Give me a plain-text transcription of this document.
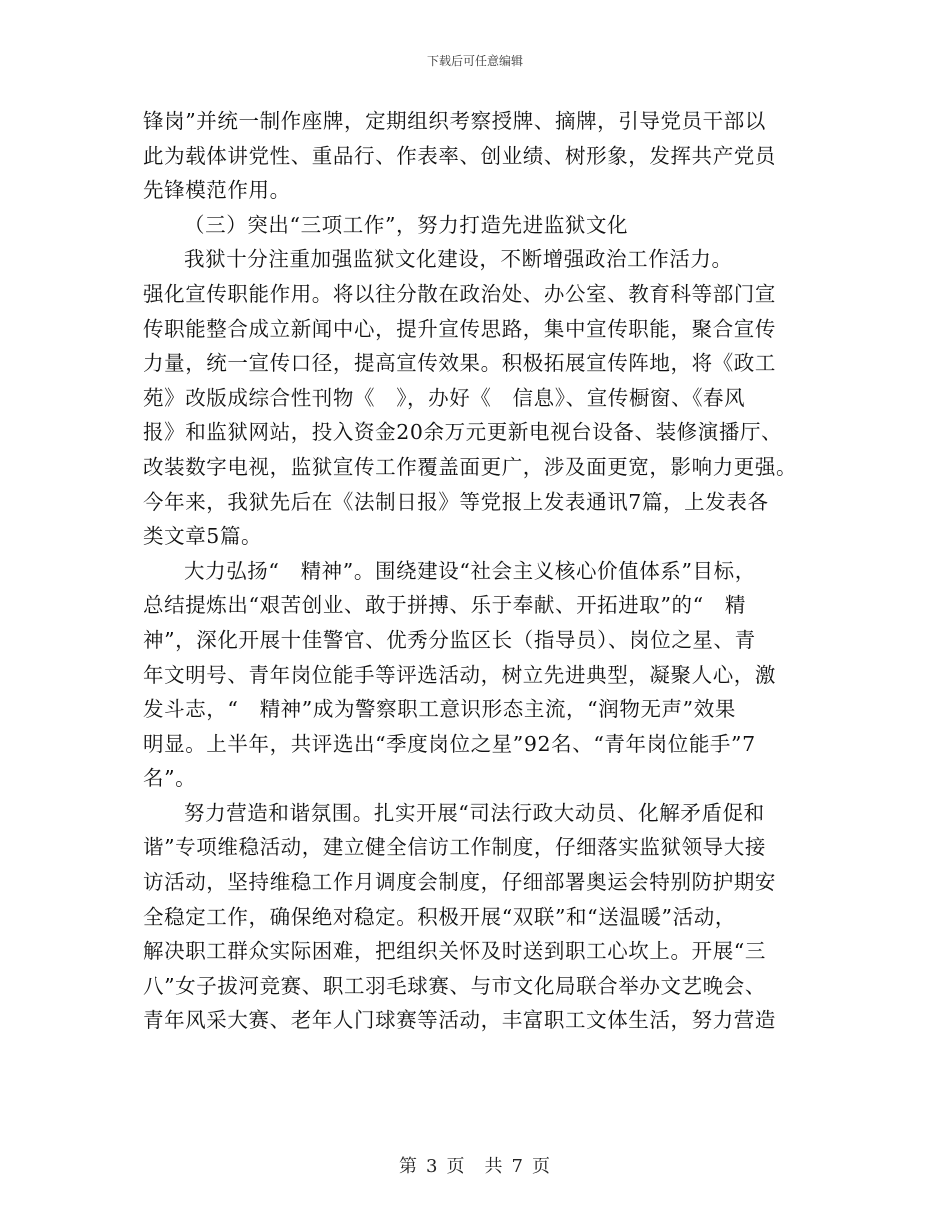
下载后可任意编辑
锋岗”并统一制作座牌，定期组织考察授牌、摘牌，引导党员干部以
此为载体讲党性、重品行、作表率、创业绩、树形象，发挥共产党员
先锋模范作用。
（三）突出“三项工作”，努力打造先进监狱文化
我狱十分注重加强监狱文化建设，不断增强政治工作活力。
强化宣传职能作用。将以往分散在政治处、办公室、教育科等部门宣
传职能整合成立新闻中心，提升宣传思路，集中宣传职能，聚合宣传
力量，统一宣传口径，提高宣传效果。积极拓展宣传阵地，将《政工
苑》改版成综合性刊物《　》，办好《　信息》、宣传橱窗、《春风
报》和监狱网站，投入资金20余万元更新电视台设备、装修演播厅、
改装数字电视，监狱宣传工作覆盖面更广，涉及面更宽，影响力更强。
今年来，我狱先后在《法制日报》等党报上发表通讯7篇，上发表各
类文章5篇。
大力弘扬“　精神”。围绕建设“社会主义核心价值体系”目标，
总结提炼出“艰苦创业、敢于拼搏、乐于奉献、开拓进取”的“　精
神”，深化开展十佳警官、优秀分监区长（指导员）、岗位之星、青
年文明号、青年岗位能手等评选活动，树立先进典型，凝聚人心，激
发斗志，“　精神”成为警察职工意识形态主流，“润物无声”效果
明显。上半年，共评选出“季度岗位之星”92名、“青年岗位能手”7
名”。
努力营造和谐氛围。扎实开展“司法行政大动员、化解矛盾促和
谐”专项维稳活动，建立健全信访工作制度，仔细落实监狱领导大接
访活动，坚持维稳工作月调度会制度，仔细部署奥运会特别防护期安
全稳定工作，确保绝对稳定。积极开展“双联”和“送温暖”活动，
解决职工群众实际困难，把组织关怀及时送到职工心坎上。开展“三
八”女子拔河竞赛、职工羽毛球赛、与市文化局联合举办文艺晚会、
青年风采大赛、老年人门球赛等活动，丰富职工文体生活，努力营造
第 3 页　共 7 页
